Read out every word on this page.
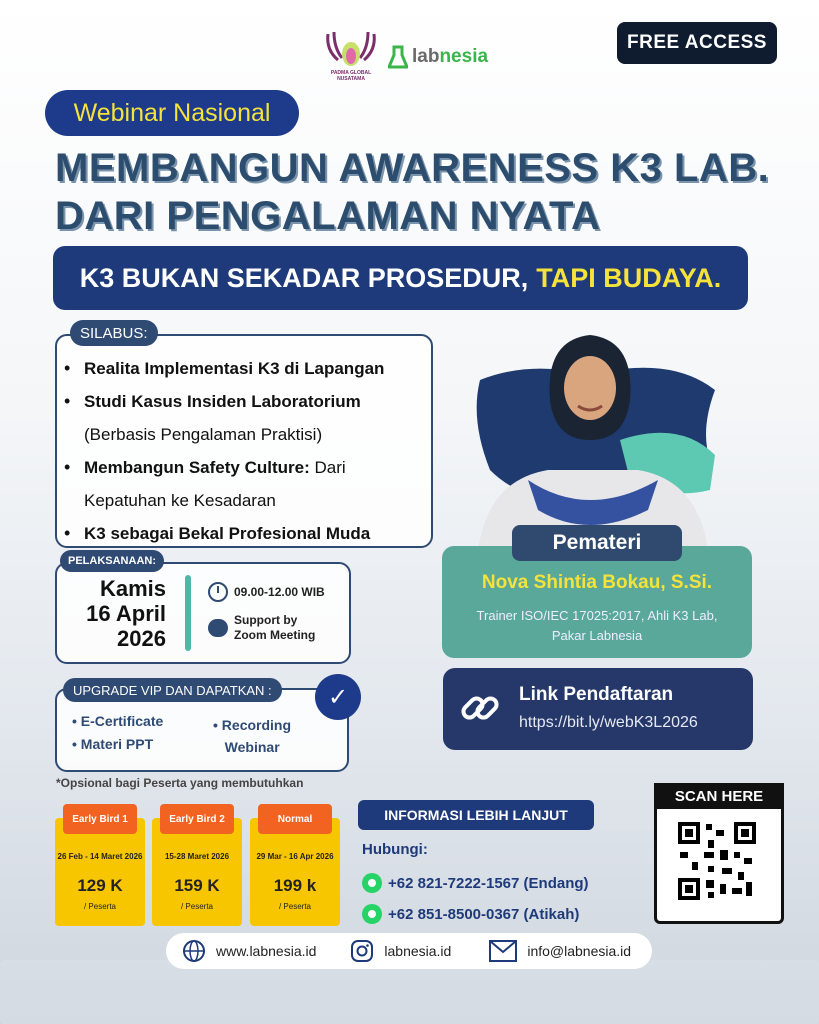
PADMA GLOBAL NUSATAMA
lab nesia
FREE ACCESS
Webinar Nasional
MEMBANGUN AWARENESS K3 LAB.
DARI PENGALAMAN NYATA
K3 BUKAN SEKADAR PROSEDUR, TAPI BUDAYA.
SILABUS:
• Realita Implementasi K3 di Lapangan
• Studi Kasus Insiden Laboratorium
(Berbasis Pengalaman Praktisi)
• Membangun Safety Culture: Dari
Kepatuhan ke Kesadaran
• K3 sebagai Bekal Profesional Muda
PELAKSANAAN:
Kamis
16 April
2026
09.00-12.00 WIB
Support by
Zoom Meeting
UPGRADE VIP DAN DAPATKAN :	✓
• E-Certificate
• Materi PPT
• Recording
Webinar
*Opsional bagi Peserta yang membutuhkan
Early Bird 1
26 Feb - 14 Maret 2026
129 K
/ Peserta
Early Bird 2
15-28 Maret 2026
159 K
/ Peserta
Normal
29 Mar - 16 Apr 2026
199 k
/ Peserta
Pemateri
Nova Shintia Bokau, S.Si.
Trainer ISO/IEC 17025:2017, Ahli K3 Lab,
Pakar Labnesia
Link Pendaftaran
https://bit.ly/webK3L2026
INFORMASI LEBIH LANJUT
Hubungi:
+62 821-7222-1567 (Endang)
+62 851-8500-0367 (Atikah)
SCAN HERE
www.labnesia.id	labnesia.id	info@labnesia.id
